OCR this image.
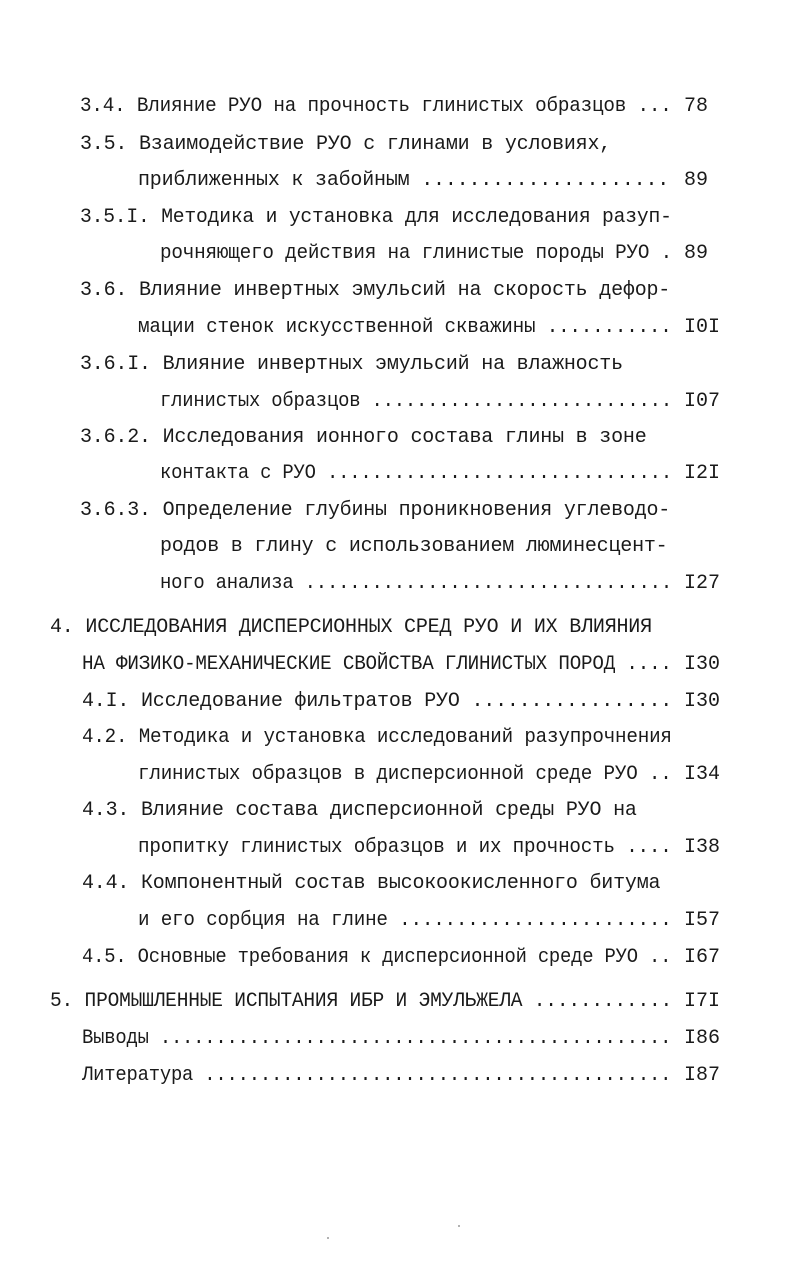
3.4. Влияние РУО на прочность глинистых образцов ... 78
3.5. Взаимодействие РУО с глинами в условиях,
приближенных к забойным ..................... 89
3.5.I. Методика и установка для исследования разуп-
рочняющего действия на глинистые породы РУО . 89
3.6. Влияние инвертных эмульсий на скорость дефор-
мации стенок искусственной скважины ........... I0I
3.6.I. Влияние инвертных эмульсий на влажность
глинистых образцов ........................... I07
3.6.2. Исследования ионного состава глины в зоне
контакта с РУО ............................... I2I
3.6.3. Определение глубины проникновения углеводо-
родов в глину с использованием люминесцент-
ного анализа ................................. I27
4. ИССЛЕДОВАНИЯ ДИСПЕРСИОННЫХ СРЕД РУО И ИХ ВЛИЯНИЯ
НА ФИЗИКО-МЕХАНИЧЕСКИЕ СВОЙСТВА ГЛИНИСТЫХ ПОРОД .... I30
4.I. Исследование фильтратов РУО ................. I30
4.2. Методика и установка исследований разупрочнения
глинистых образцов в дисперсионной среде РУО .. I34
4.3. Влияние состава дисперсионной среды РУО на
пропитку глинистых образцов и их прочность .... I38
4.4. Компонентный состав высокоокисленного битума
и его сорбция на глине ........................ I57
4.5. Основные требования к дисперсионной среде РУО .. I67
5. ПРОМЫШЛЕННЫЕ ИСПЫТАНИЯ ИБР И ЭМУЛЬЖЕЛА ............ I7I
Выводы .............................................. I86
Литература .......................................... I87
